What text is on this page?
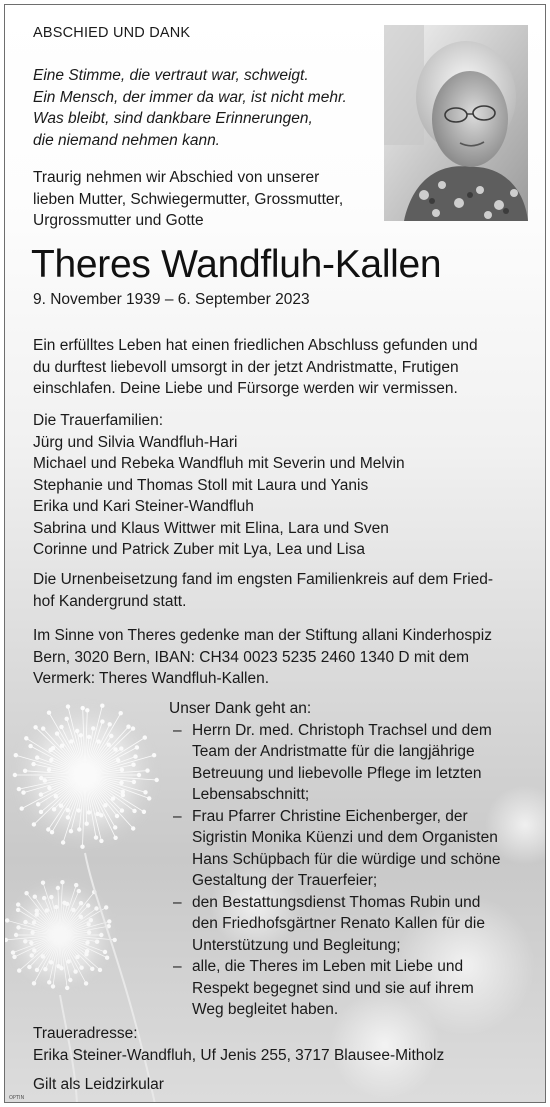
ABSCHIED UND DANK
Eine Stimme, die vertraut war, schweigt.
Ein Mensch, der immer da war, ist nicht mehr.
Was bleibt, sind dankbare Erinnerungen,
die niemand nehmen kann.
Traurig nehmen wir Abschied von unserer
lieben Mutter, Schwiegermutter, Grossmutter,
Urgrossmutter und Gotte
Theres Wandfluh-Kallen
9. November 1939 – 6. September 2023
Ein erfülltes Leben hat einen friedlichen Abschluss gefunden und
du durftest liebevoll umsorgt in der jetzt Andristmatte, Frutigen
einschlafen. Deine Liebe und Fürsorge werden wir vermissen.
Die Trauerfamilien:
Jürg und Silvia Wandfluh-Hari
Michael und Rebeka Wandfluh mit Severin und Melvin
Stephanie und Thomas Stoll mit Laura und Yanis
Erika und Kari Steiner-Wandfluh
Sabrina und Klaus Wittwer mit Elina, Lara und Sven
Corinne und Patrick Zuber mit Lya, Lea und Lisa
Die Urnenbeisetzung fand im engsten Familienkreis auf dem Fried-
hof Kandergrund statt.
Im Sinne von Theres gedenke man der Stiftung allani Kinderhospiz
Bern, 3020 Bern, IBAN: CH34 0023 5235 2460 1340 D mit dem
Vermerk: Theres Wandfluh-Kallen.
Unser Dank geht an:
– Herrn Dr. med. Christoph Trachsel und dem
Team der Andristmatte für die langjährige
Betreuung und liebevolle Pflege im letzten
Lebensabschnitt;
– Frau Pfarrer Christine Eichenberger, der
Sigristin Monika Küenzi und dem Organisten
Hans Schüpbach für die würdige und schöne
Gestaltung der Trauerfeier;
– den Bestattungsdienst Thomas Rubin und
den Friedhofsgärtner Renato Kallen für die
Unterstützung und Begleitung;
– alle, die Theres im Leben mit Liebe und
Respekt begegnet sind und sie auf ihrem
Weg begleitet haben.
Traueradresse:
Erika Steiner-Wandfluh, Uf Jenis 255, 3717 Blausee-Mitholz
Gilt als Leidzirkular
OPTIN
